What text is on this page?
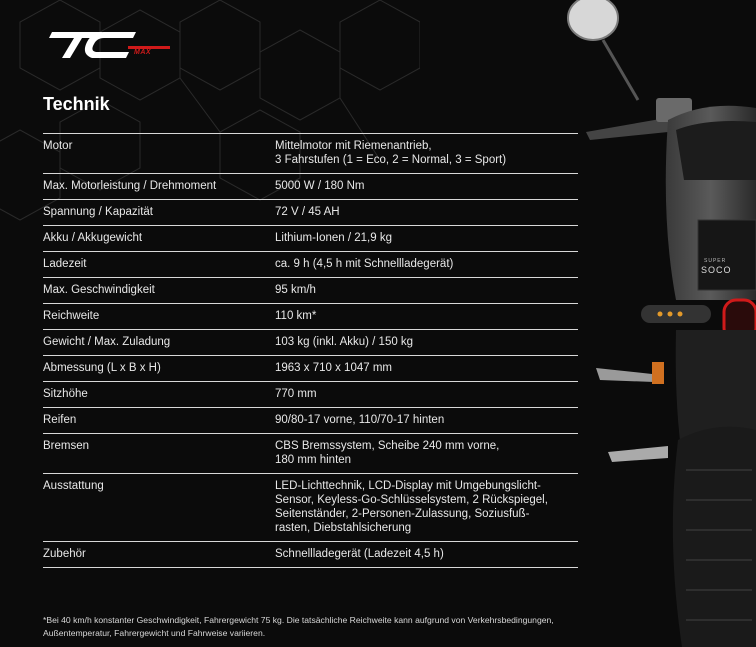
MAX
Technik
Motor	Mittelmotor mit Riemenantrieb,
3 Fahrstufen (1 = Eco, 2 = Normal, 3 = Sport)
Max. Motorleistung / Drehmoment	5000 W / 180 Nm
Spannung / Kapazität	72 V / 45 AH
Akku / Akkugewicht	Lithium-Ionen / 21,9 kg
Ladezeit	ca. 9 h (4,5 h mit Schnellladegerät)
Max. Geschwindigkeit	95 km/h
Reichweite	110 km*
Gewicht / Max. Zuladung	103 kg (inkl. Akku) / 150 kg
Abmessung (L x B x H)	1963 x 710 x 1047 mm
Sitzhöhe	770 mm
Reifen	90/80-17 vorne, 110/70-17 hinten
Bremsen	CBS Bremssystem, Scheibe 240 mm vorne,
180 mm hinten
Ausstattung	LED-Lichttechnik, LCD-Display mit Umgebungslicht-
Sensor, Keyless-Go-Schlüsselsystem, 2 Rückspiegel,
Seitenständer, 2-Personen-Zulassung, Soziusfuß-
rasten, Diebstahlsicherung
Zubehör	Schnellladegerät (Ladezeit 4,5 h)
*Bei 40 km/h konstanter Geschwindigkeit, Fahrergewicht 75 kg. Die tatsächliche Reichweite kann aufgrund von Verkehrsbedingungen, Außentemperatur, Fahrergewicht und Fahrweise variieren.
SUPER
SOCO
